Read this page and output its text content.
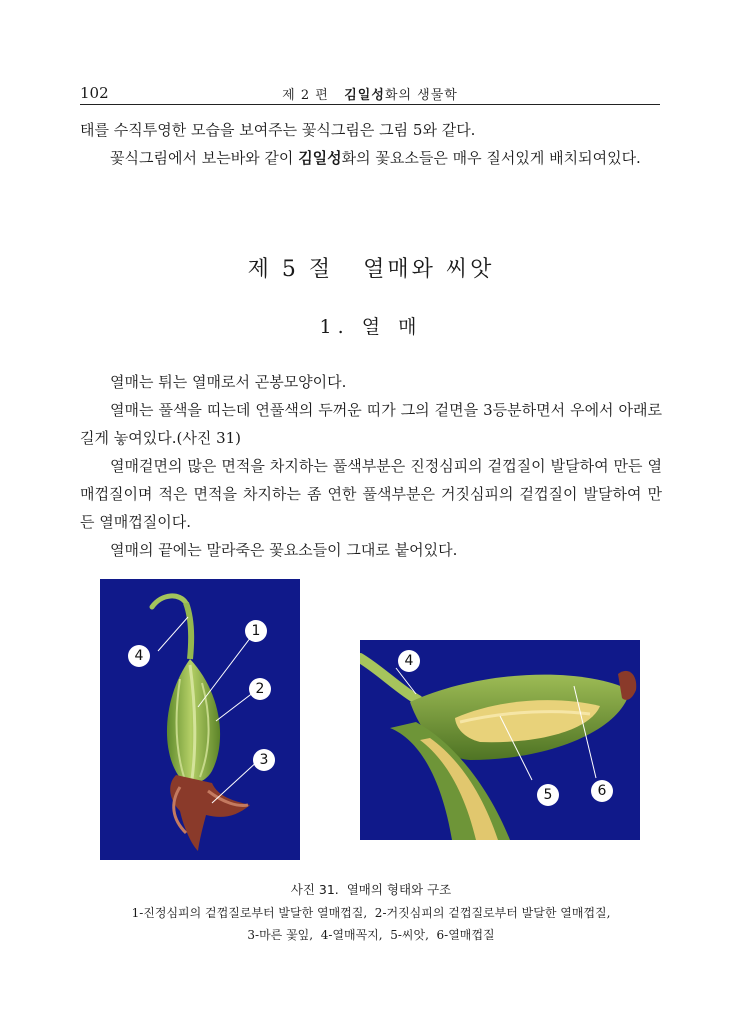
102	제 2 편 김일성화의 생물학

태를 수직투영한 모습을 보여주는 꽃식그림은 그림 5와 같다.

꽃식그림에서 보는바와 같이 김일성화의 꽃요소들은 매우 질서있게 배치되여있다.

제 5 절   열매와 씨앗
1. 열 매

열매는 튀는 열매로서 곤봉모양이다.

열매는 풀색을 띠는데 연풀색의 두꺼운 띠가 그의 겉면을 3등분하면서 우에서 아래로 길게 놓여있다.(사진 31)

열매겉면의 많은 면적을 차지하는 풀색부분은 진정심피의 겉껍질이 발달하여 만든 열매껍질이며 적은 면적을 차지하는 좀 연한 풀색부분은 거짓심피의 겉껍질이 발달하여 만든 열매껍질이다.

열매의 끝에는 말라죽은 꽃요소들이 그대로 붙어있다.

1
2
3
4	4
5	6
사진 31.  열매의 형태와 구조
1-진정심피의 겉껍질로부터 발달한 열매껍질,  2-거짓심피의 겉껍질로부터 발달한 열매껍질,
3-마른 꽃잎,  4-열매꼭지,  5-씨앗,  6-열매껍질
